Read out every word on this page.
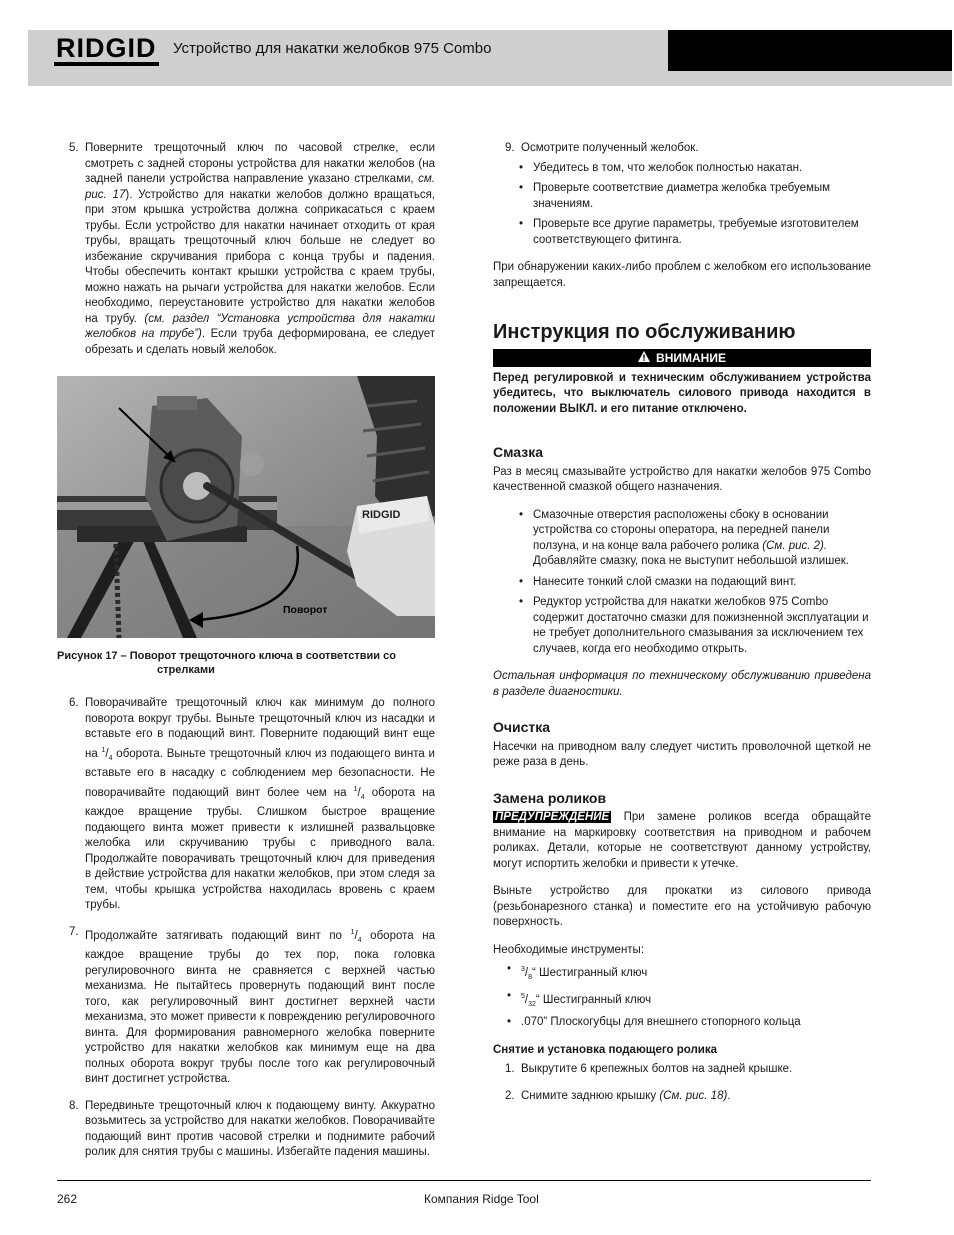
RIDGID Устройство для накатки желобков 975 Combo
5. Поверните трещоточный ключ по часовой стрелке, если смотреть с задней стороны устройства для накатки желобов (на задней панели устройства направление указано стрелками, см. рис. 17). Устройство для накатки желобов должно вращаться, при этом крышка устройства должна соприкасаться с краем трубы. Если устройство для накатки начинает отходить от края трубы, вращать трещоточный ключ больше не следует во избежание скручивания прибора с конца трубы и падения. Чтобы обеспечить контакт крышки устройства с краем трубы, можно нажать на рычаги устройства для накатки желобов. Если необходимо, переустановите устройство для накатки желобов на трубу. (см. раздел “Установка устройства для накатки желобков на трубе”). Если труба деформирована, ее следует обрезать и сделать новый желобок.
RIDGID
Поворот
Рисунок 17 – Поворот трещоточного ключа в соответствии со
стрелками
6. Поворачивайте трещоточный ключ как минимум до полного поворота вокруг трубы. Выньте трещоточный ключ из насадки и вставьте его в подающий винт. Поверните подающий винт еще на $^1/_4$ оборота. Выньте трещоточный ключ из подающего винта и вставьте его в насадку с соблюдением мер безопасности. Не поворачивайте подающий винт более чем на $^1/_4$ оборота на каждое вращение трубы. Слишком быстрое вращение подающего винта может привести к излишней развальцовке желобка или скручиванию трубы с приводного вала. Продолжайте поворачивать трещоточный ключ для приведения в действие устройства для накатки желобков, при этом следя за тем, чтобы крышка устройства находилась вровень с краем трубы.
7. Продолжайте затягивать подающий винт по $^1/_4$ оборота на каждое вращение трубы до тех пор, пока головка регулировочного винта не сравняется с верхней частью механизма. Не пытайтесь провернуть подающий винт после того, как регулировочный винт достигнет верхней части механизма, это может привести к повреждению регулировочного винта. Для формирования равномерного желобка поверните устройство для накатки желобков как минимум еще на два полных оборота вокруг трубы после того как регулировочный винт достигнет устройства.
8. Передвиньте трещоточный ключ к подающему винту. Аккуратно возьмитесь за устройство для накатки желобков. Поворачивайте подающий винт против часовой стрелки и поднимите рабочий ролик для снятия трубы с машины. Избегайте падения машины.
9. Осмотрите полученный желобок.
• Убедитесь в том, что желобок полностью накатан.
• Проверьте соответствие диаметра желобка требуемым значениям.
• Проверьте все другие параметры, требуемые изготовителем соответствующего фитинга.

При обнаружении каких-либо проблем с желобком его использование запрещается.

Инструкция по обслуживанию
ВНИМАНИЕ

Перед регулировкой и техническим обслуживанием устройства убедитесь, что выключатель силового привода находится в положении ВЫКЛ. и его питание отключено.

Смазка

Раз в месяц смазывайте устройство для накатки желобов 975 Combo качественной смазкой общего назначения.

• Смазочные отверстия расположены сбоку в основании устройства со стороны оператора, на передней панели ползуна, и на конце вала рабочего ролика (См. рис. 2). Добавляйте смазку, пока не выступит небольшой излишек.
• Нанесите тонкий слой смазки на подающий винт.
• Редуктор устройства для накатки желобков 975 Combo содержит достаточно смазки для пожизненной эксплуатации и не требует дополнительного смазывания за исключением тех случаев, когда его необходимо открыть.

Остальная информация по техническому обслуживанию приведена в разделе диагностики.

Очистка

Насечки на приводном валу следует чистить проволочной щеткой не реже раза в день.

Замена роликов

ПРЕДУПРЕЖДЕНИЕ При замене роликов всегда обращайте внимание на маркировку соответствия на приводном и рабочем роликах. Детали, которые не соответствуют данному устройству, могут испортить желобки и привести к утечке.

Выньте устройство для прокатки из силового привода (резьбонарезного станка) и поместите его на устойчивую рабочую поверхность.

Необходимые инструменты:

•	$^3/_8“$ Шестигранный ключ
•	$^5/_{32}“$ Шестигранный ключ
• .070” Плоскогубцы для внешнего стопорного кольца
Снятие и установка подающего ролика
1. Выкрутите 6 крепежных болтов на задней крышке.
2. Снимите заднюю крышку (См. рис. 18).
262	Компания Ridge Tool
